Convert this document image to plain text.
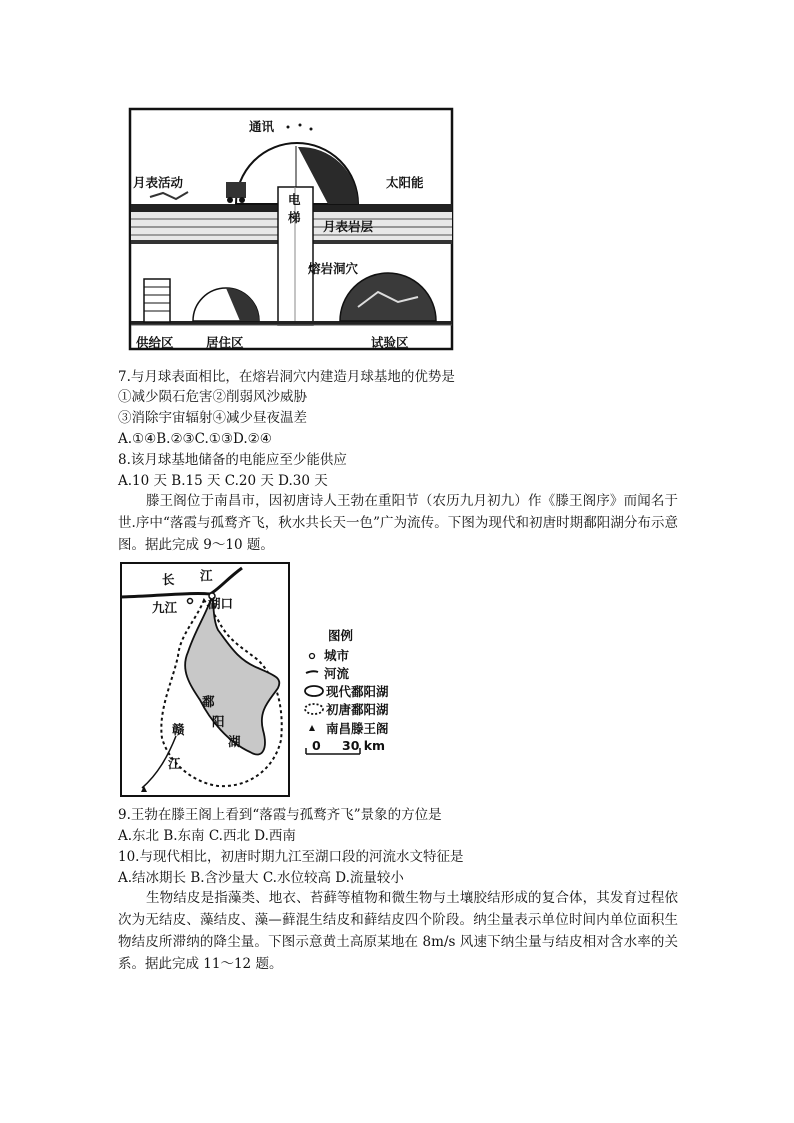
通讯
月表活动	太阳能
电
梯
月表岩层
熔岩洞穴
供给区	居住区	试验区
7.与月球表面相比，在熔岩洞穴内建造月球基地的优势是
①减少陨石危害②削弱风沙威胁
③消除宇宙辐射④减少昼夜温差
A.①④B.②③C.①③D.②④
8.该月球基地储备的电能应至少能供应
A.10 天 B.15 天 C.20 天 D.30 天
滕王阁位于南昌市，因初唐诗人王勃在重阳节（农历九月初九）作《滕王阁序》而闻名于世.序中“落霞与孤鹜齐飞，秋水共长天一色”广为流传。下图为现代和初唐时期鄱阳湖分布示意图。据此完成 9～10 题。
长 江
九江 湖口
鄱
阳
湖
赣
江
图例
城市
河流
现代鄱阳湖
初唐鄱阳湖
南昌滕王阁
0 30 km
9.王勃在滕王阁上看到“落霞与孤鹜齐飞”景象的方位是
A.东北 B.东南 C.西北 D.西南
10.与现代相比，初唐时期九江至湖口段的河流水文特征是
A.结冰期长 B.含沙量大 C.水位较高 D.流量较小
生物结皮是指藻类、地衣、苔藓等植物和微生物与土壤胶结形成的复合体，其发育过程依次为无结皮、藻结皮、藻—藓混生结皮和藓结皮四个阶段。纳尘量表示单位时间内单位面积生物结皮所滞纳的降尘量。下图示意黄土高原某地在 8m/s 风速下纳尘量与结皮相对含水率的关系。据此完成 11～12 题。
